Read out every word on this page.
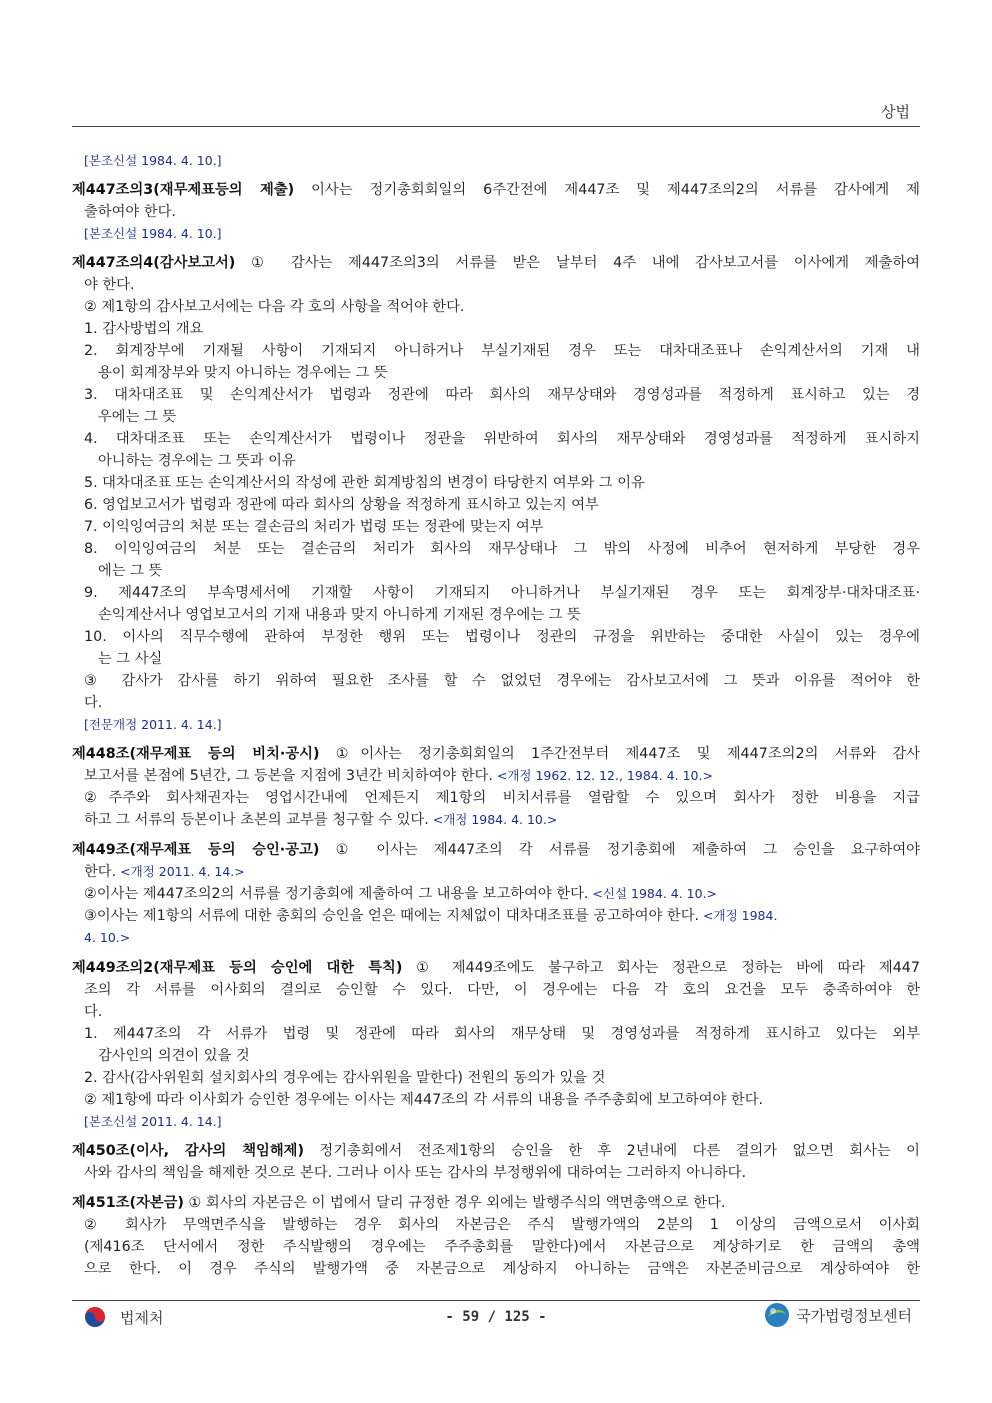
상법
[본조신설 1984. 4. 10.]
제447조의3(재무제표등의 제출) 이사는 정기총회회일의 6주간전에 제447조 및 제447조의2의 서류를 감사에게 제
출하여야 한다.
[본조신설 1984. 4. 10.]
제447조의4(감사보고서) ① 감사는 제447조의3의 서류를 받은 날부터 4주 내에 감사보고서를 이사에게 제출하여
야 한다.
② 제1항의 감사보고서에는 다음 각 호의 사항을 적어야 한다.
1. 감사방법의 개요
2. 회계장부에 기재될 사항이 기재되지 아니하거나 부실기재된 경우 또는 대차대조표나 손익계산서의 기재 내
용이 회계장부와 맞지 아니하는 경우에는 그 뜻
3. 대차대조표 및 손익계산서가 법령과 정관에 따라 회사의 재무상태와 경영성과를 적정하게 표시하고 있는 경
우에는 그 뜻
4. 대차대조표 또는 손익계산서가 법령이나 정관을 위반하여 회사의 재무상태와 경영성과를 적정하게 표시하지
아니하는 경우에는 그 뜻과 이유
5. 대차대조표 또는 손익계산서의 작성에 관한 회계방침의 변경이 타당한지 여부와 그 이유
6. 영업보고서가 법령과 정관에 따라 회사의 상황을 적정하게 표시하고 있는지 여부
7. 이익잉여금의 처분 또는 결손금의 처리가 법령 또는 정관에 맞는지 여부
8. 이익잉여금의 처분 또는 결손금의 처리가 회사의 재무상태나 그 밖의 사정에 비추어 현저하게 부당한 경우
에는 그 뜻
9. 제447조의 부속명세서에 기재할 사항이 기재되지 아니하거나 부실기재된 경우 또는 회계장부·대차대조표·
손익계산서나 영업보고서의 기재 내용과 맞지 아니하게 기재된 경우에는 그 뜻
10. 이사의 직무수행에 관하여 부정한 행위 또는 법령이나 정관의 규정을 위반하는 중대한 사실이 있는 경우에
는 그 사실
③ 감사가 감사를 하기 위하여 필요한 조사를 할 수 없었던 경우에는 감사보고서에 그 뜻과 이유를 적어야 한
다.
[전문개정 2011. 4. 14.]
제448조(재무제표 등의 비치·공시) ①이사는 정기총회회일의 1주간전부터 제447조 및 제447조의2의 서류와 감사
보고서를 본점에 5년간, 그 등본을 지점에 3년간 비치하여야 한다. <개정 1962. 12. 12., 1984. 4. 10.>
②주주와 회사채권자는 영업시간내에 언제든지 제1항의 비치서류를 열람할 수 있으며 회사가 정한 비용을 지급
하고 그 서류의 등본이나 초본의 교부를 청구할 수 있다. <개정 1984. 4. 10.>
제449조(재무제표 등의 승인·공고) ① 이사는 제447조의 각 서류를 정기총회에 제출하여 그 승인을 요구하여야
한다. <개정 2011. 4. 14.>
②이사는 제447조의2의 서류를 정기총회에 제출하여 그 내용을 보고하여야 한다. <신설 1984. 4. 10.>
③이사는 제1항의 서류에 대한 총회의 승인을 얻은 때에는 지체없이 대차대조표를 공고하여야 한다. <개정 1984.
4. 10.>
제449조의2(재무제표 등의 승인에 대한 특칙) ① 제449조에도 불구하고 회사는 정관으로 정하는 바에 따라 제447
조의 각 서류를 이사회의 결의로 승인할 수 있다. 다만, 이 경우에는 다음 각 호의 요건을 모두 충족하여야 한
다.
1. 제447조의 각 서류가 법령 및 정관에 따라 회사의 재무상태 및 경영성과를 적정하게 표시하고 있다는 외부
감사인의 의견이 있을 것
2. 감사(감사위원회 설치회사의 경우에는 감사위원을 말한다) 전원의 동의가 있을 것
② 제1항에 따라 이사회가 승인한 경우에는 이사는 제447조의 각 서류의 내용을 주주총회에 보고하여야 한다.
[본조신설 2011. 4. 14.]
제450조(이사, 감사의 책임해제) 정기총회에서 전조제1항의 승인을 한 후 2년내에 다른 결의가 없으면 회사는 이
사와 감사의 책임을 해제한 것으로 본다. 그러나 이사 또는 감사의 부정행위에 대하여는 그러하지 아니하다.
제451조(자본금) ① 회사의 자본금은 이 법에서 달리 규정한 경우 외에는 발행주식의 액면총액으로 한다.
② 회사가 무액면주식을 발행하는 경우 회사의 자본금은 주식 발행가액의 2분의 1 이상의 금액으로서 이사회
(제416조 단서에서 정한 주식발행의 경우에는 주주총회를 말한다)에서 자본금으로 계상하기로 한 금액의 총액
으로 한다. 이 경우 주식의 발행가액 중 자본금으로 계상하지 아니하는 금액은 자본준비금으로 계상하여야 한
법제처	- 59 / 125 -	국가법령정보센터
